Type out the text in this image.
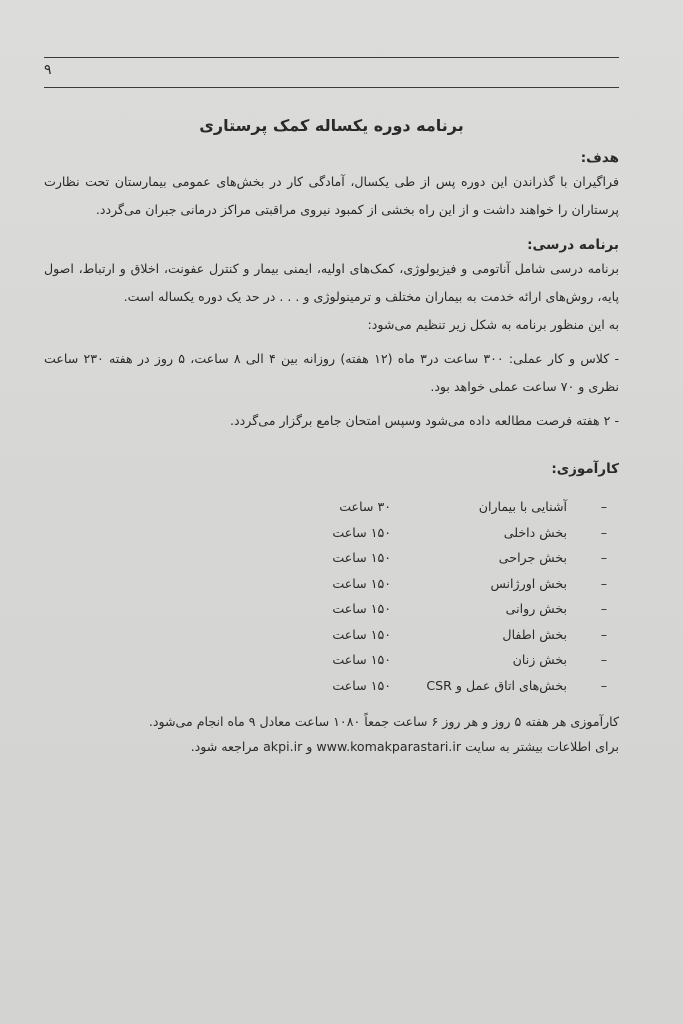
۹
برنامه دوره یکساله کمک پرستاری
هدف:
فراگیران با گذراندن این دوره پس از طی یکسال، آمادگی کار در بخش‌های عمومی بیمارستان تحت نظارت پرستاران را خواهند داشت و از این راه بخشی از کمبود نیروی مراقبتی مراکز درمانی جبران می‌گردد.
برنامه درسی:
برنامه درسی شامل آناتومی و فیزیولوژی، کمک‌های اولیه، ایمنی بیمار و کنترل عفونت، اخلاق و ارتباط، اصول پایه، روش‌های ارائه خدمت به بیماران مختلف و ترمینولوژی و . . . در حد یک دوره یکساله است.
به این منظور برنامه به شکل زیر تنظیم می‌شود:
- کلاس و کار عملی: ۳۰۰ ساعت در۳ ماه (۱۲ هفته) روزانه بین ۴ الی ۸ ساعت، ۵ روز در هفته ۲۳۰ ساعت نظری و ۷۰ ساعت عملی خواهد بود.
- ۲ هفته فرصت مطالعه داده می‌شود وسپس امتحان جامع برگزار می‌گردد.
کارآموزی:
–
آشنایی با بیماران
۳۰ ساعت
–
بخش داخلی
۱۵۰ ساعت
–
بخش جراحی
۱۵۰ ساعت
–
بخش اورژانس
۱۵۰ ساعت
–
بخش روانی
۱۵۰ ساعت
–
بخش اطفال
۱۵۰ ساعت
–
بخش زنان
۱۵۰ ساعت
–
بخش‌های اتاق عمل و CSR
۱۵۰ ساعت
کارآموزی هر هفته ۵ روز و هر روز ۶ ساعت جمعاً ۱۰۸۰ ساعت معادل ۹ ماه انجام می‌شود.
برای اطلاعات بیشتر به سایت www.komakparastari.ir و akpi.ir مراجعه شود.
